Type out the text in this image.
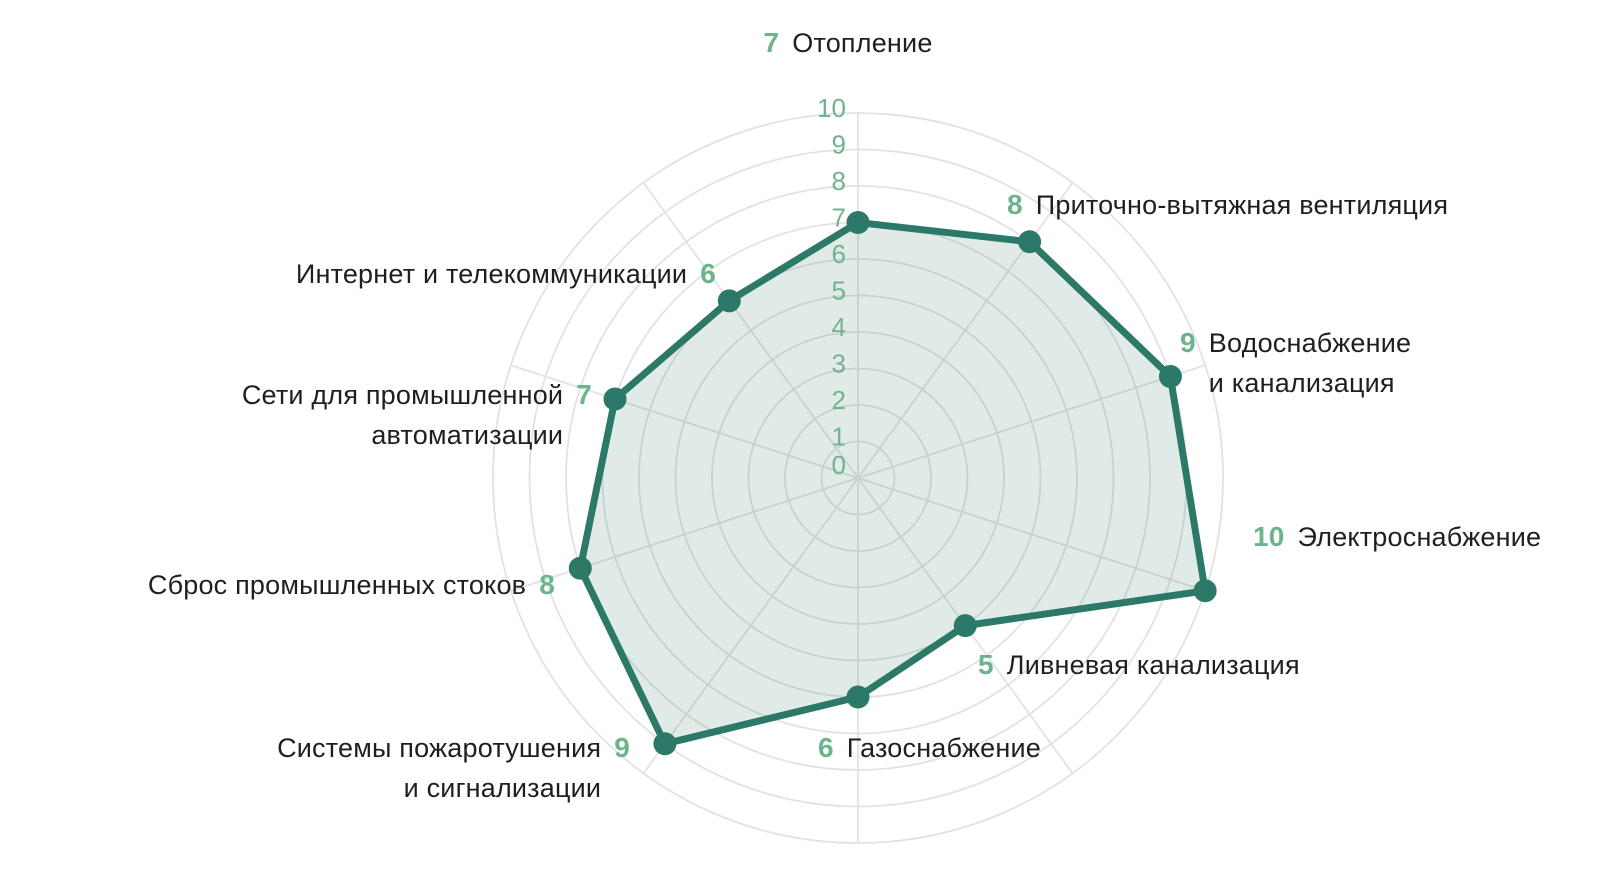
0
1
2
3
4
5
6
7
8
9
10
7 Отопление
8 Приточно-вытяжная вентиляция
9 Водоснабжение
и канализация
10 Электроснабжение
5 Ливневая канализация
6 Газоснабжение
Системы пожаротушения
и сигнализации
9
Сброс промышленных стоков 8
Сети для промышленной
автоматизации
7
Интернет и телекоммуникации 6
